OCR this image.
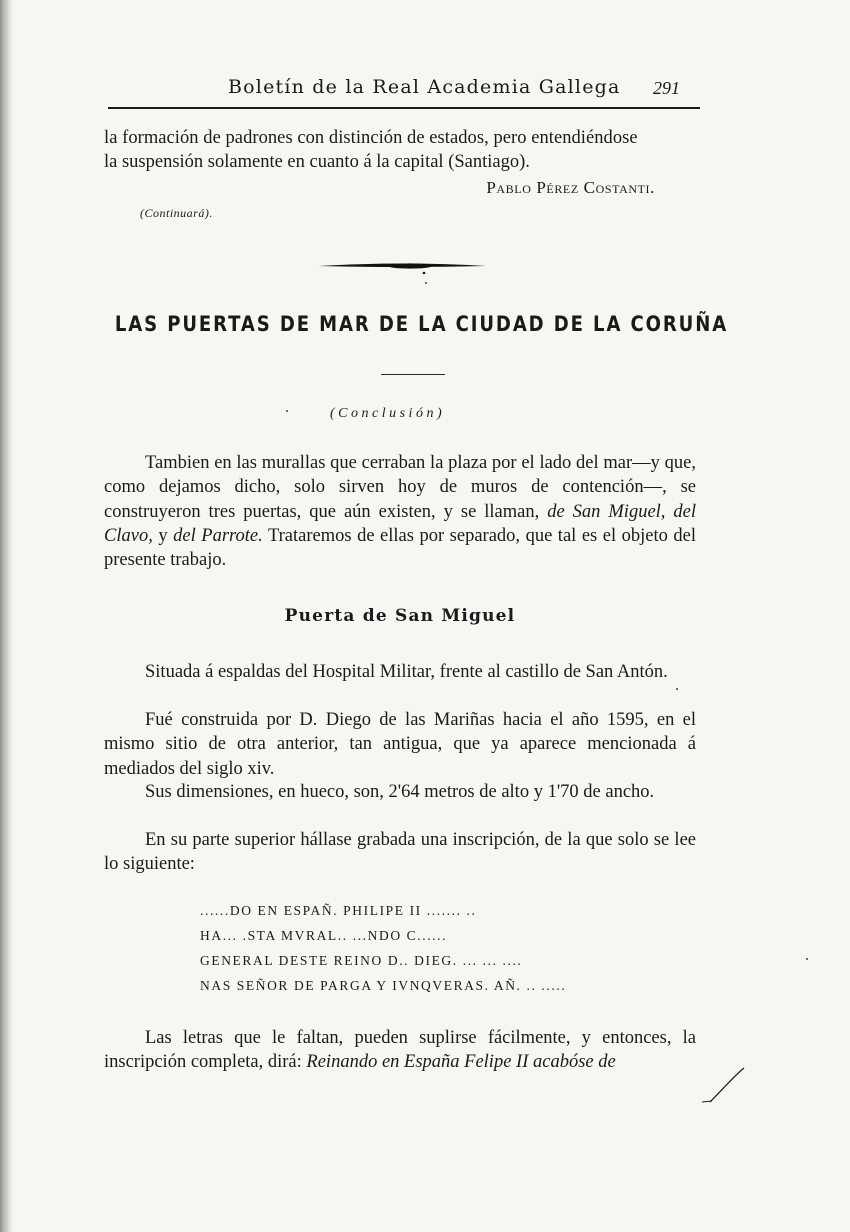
Boletín de la Real Academia Gallega 291
la formación de padrones con distinción de estados, pero entendiéndose
la suspensión solamente en cuanto á la capital (Santiago).
Pablo Pérez Costanti.
(Continuará).
LAS PUERTAS DE MAR DE LA CIUDAD DE LA CORUÑA
(Conclusión)

Tambien en las murallas que cerraban la plaza por el lado del mar—y que, como dejamos dicho, solo sirven hoy de muros de contención—, se construyeron tres puertas, que aún existen, y se llaman, de San Miguel, del Clavo, y del Parrote. Trataremos de ellas por separado, que tal es el objeto del presente trabajo.

Puerta de San Miguel

Situada á espaldas del Hospital Militar, frente al castillo de San Antón.

Fué construida por D. Diego de las Mariñas hacia el año 1595, en el mismo sitio de otra anterior, tan antigua, que ya aparece mencionada á mediados del siglo xiv.

Sus dimensiones, en hueco, son, 2'64 metros de alto y 1'70 de ancho.

En su parte superior hállase grabada una inscripción, de la que solo se lee lo siguiente:

......DO EN ESPAÑ. PHILIPE II ....... ..
HA... .STA MVRAL.. ...NDO C......
GENERAL DESTE REINO D.. DIEG. ... ... ....
NAS SEÑOR DE PARGA Y IVNQVERAS. AÑ. .. .....

Las letras que le faltan, pueden suplirse fácilmente, y entonces, la inscripción completa, dirá: Reinando en España Felipe II acabóse de
